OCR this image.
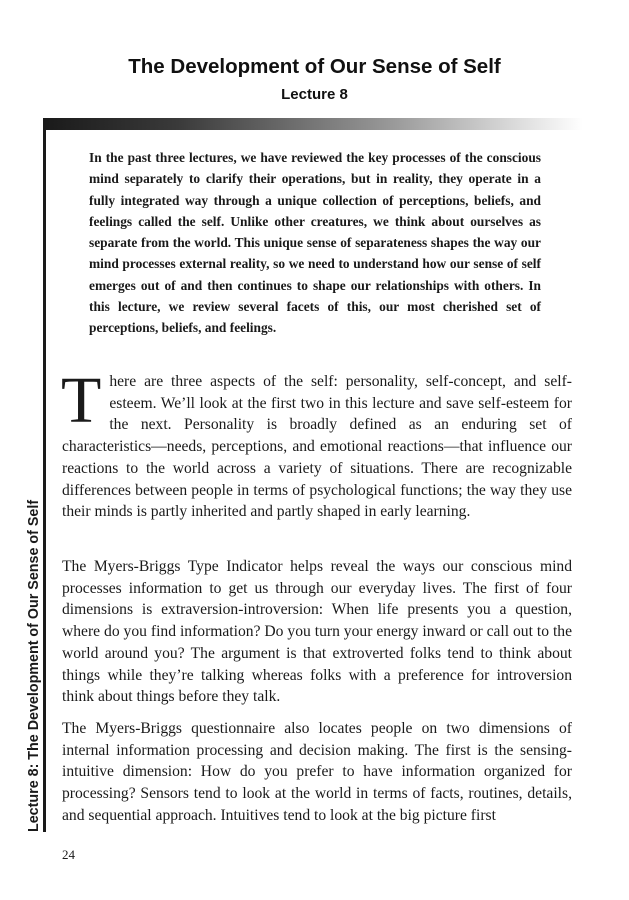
The Development of Our Sense of Self
Lecture 8
Lecture 8: The Development of Our Sense of Self

In the past three lectures, we have reviewed the key processes of the conscious mind separately to clarify their operations, but in reality, they operate in a fully integrated way through a unique collection of perceptions, beliefs, and feelings called the self. Unlike other creatures, we think about ourselves as separate from the world. This unique sense of separateness shapes the way our mind processes external reality, so we need to understand how our sense of self emerges out of and then continues to shape our relationships with others. In this lecture, we review several facets of this, our most cherished set of perceptions, beliefs, and feelings.

There are three aspects of the self: personality, self-concept, and self-esteem. We’ll look at the first two in this lecture and save self-esteem for the next. Personality is broadly defined as an enduring set of characteristics—needs, perceptions, and emotional reactions—that influence our reactions to the world across a variety of situations. There are recognizable differences between people in terms of psychological functions; the way they use their minds is partly inherited and partly shaped in early learning.

The Myers-Briggs Type Indicator helps reveal the ways our conscious mind processes information to get us through our everyday lives. The first of four dimensions is extraversion-introversion: When life presents you a question, where do you find information? Do you turn your energy inward or call out to the world around you? The argument is that extroverted folks tend to think about things while they’re talking whereas folks with a preference for introversion think about things before they talk.

The Myers-Briggs questionnaire also locates people on two dimensions of internal information processing and decision making. The first is the sensing-intuitive dimension: How do you prefer to have information organized for processing? Sensors tend to look at the world in terms of facts, routines, details, and sequential approach. Intuitives tend to look at the big picture first

24
